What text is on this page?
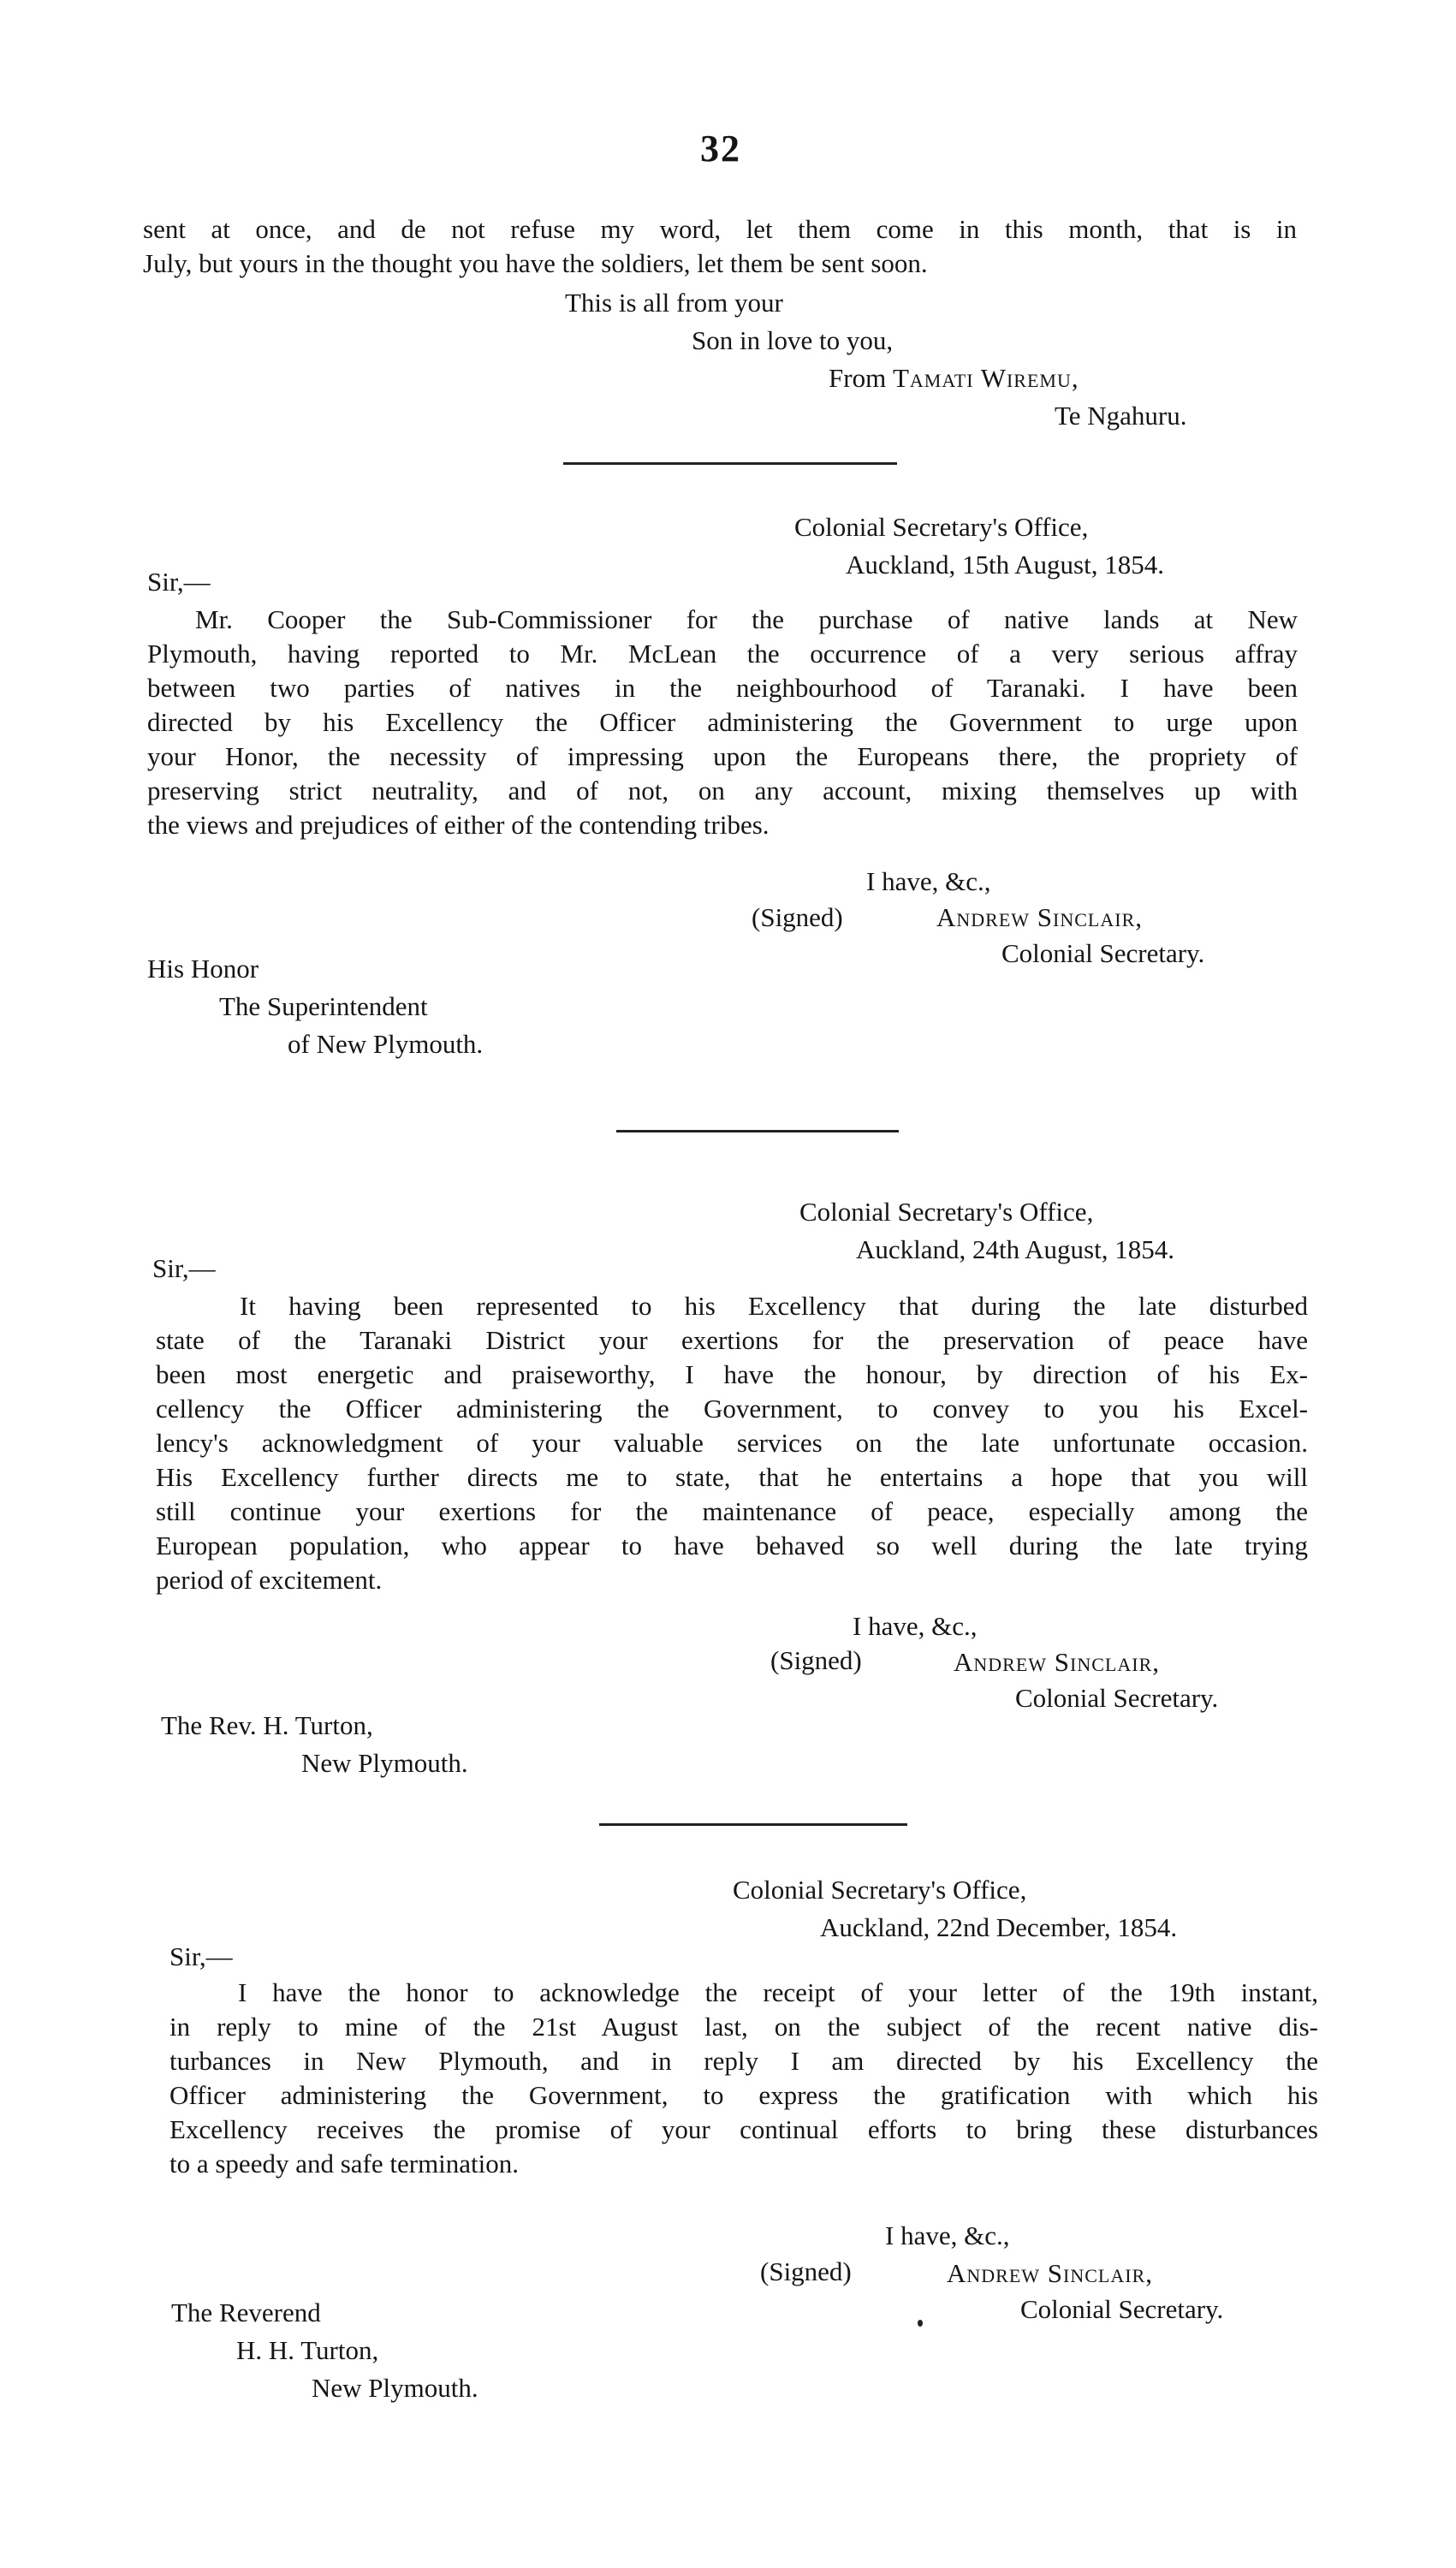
32

sent at once, and de not refuse my word, let them come in this month, that is in

July, but yours in the thought you have the soldiers, let them be sent soon.

This is all from your
Son in love to you,
From Tamati Wiremu,
Te Ngahuru.
Colonial Secretary's Office,
Auckland, 15th August, 1854.
Sir,—

Mr. Cooper the Sub-Commissioner for the purchase of native lands at New

Plymouth, having reported to Mr. McLean the occurrence of a very serious affray

between two parties of natives in the neighbourhood of Taranaki. I have been

directed by his Excellency the Officer administering the Government to urge upon

your Honor, the necessity of impressing upon the Europeans there, the propriety of

preserving strict neutrality, and of not, on any account, mixing themselves up with

the views and prejudices of either of the contending tribes.

I have, &c.,
(Signed)	Andrew Sinclair,
Colonial Secretary.
His Honor
The Superintendent
of New Plymouth.
Colonial Secretary's Office,
Auckland, 24th August, 1854.
Sir,—

It having been represented to his Excellency that during the late disturbed

state of the Taranaki District your exertions for the preservation of peace have

been most energetic and praiseworthy, I have the honour, by direction of his Ex-

cellency the Officer administering the Government, to convey to you his Excel-

lency's acknowledgment of your valuable services on the late unfortunate occasion.

His Excellency further directs me to state, that he entertains a hope that you will

still continue your exertions for the maintenance of peace, especially among the

European population, who appear to have behaved so well during the late trying

period of excitement.

I have, &c.,
(Signed)	Andrew Sinclair,
Colonial Secretary.
The Rev. H. Turton,
New Plymouth.
Colonial Secretary's Office,
Auckland, 22nd December, 1854.
Sir,—

I have the honor to acknowledge the receipt of your letter of the 19th instant,

in reply to mine of the 21st August last, on the subject of the recent native dis-

turbances in New Plymouth, and in reply I am directed by his Excellency the

Officer administering the Government, to express the gratification with which his

Excellency receives the promise of your continual efforts to bring these disturbances

to a speedy and safe termination.

I have, &c.,
(Signed)	Andrew Sinclair,
Colonial Secretary.
The Reverend
H. H. Turton,
New Plymouth.
